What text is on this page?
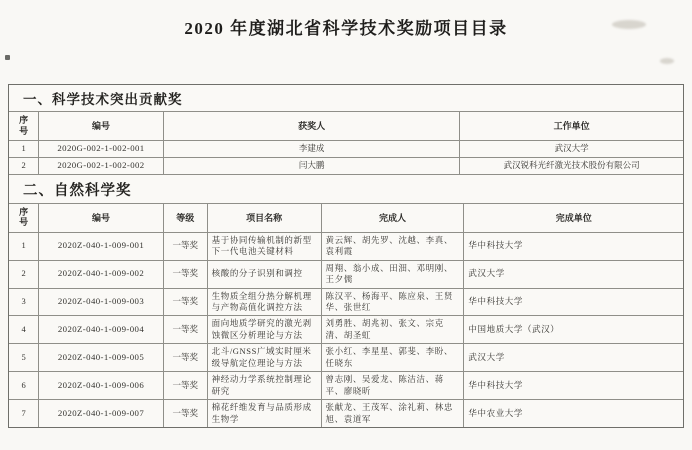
2020 年度湖北省科学技术奖励项目目录
一、科学技术突出贡献奖
序号	编号	获奖人	工作单位
1	2020G-002-1-002-001	李建成	武汉大学
2	2020G-002-1-002-002	闫大鹏	武汉锐科光纤激光技术股份有限公司
二、自然科学奖
序号	编号	等级	项目名称	完成人	完成单位
1	2020Z-040-1-009-001	一等奖	基于协同传输机制的新型下一代电池关键材料	黄云辉、胡先罗、沈越、李真、袁利霞	华中科技大学
2	2020Z-040-1-009-002	一等奖	核酸的分子识别和调控	周翔、翁小成、田沺、邓明刚、王夕儒	武汉大学
3	2020Z-040-1-009-003	一等奖	生物质全组分热分解机理与产物高值化调控方法	陈汉平、杨海平、陈应泉、王贤华、张世红	华中科技大学
4	2020Z-040-1-009-004	一等奖	面向地质学研究的激光剥蚀微区分析理论与方法	刘勇胜、胡兆初、张文、宗克清、胡圣虹	中国地质大学（武汉）
5	2020Z-040-1-009-005	一等奖	北斗/GNSS广域实时厘米级导航定位理论与方法	张小红、李星星、郭斐、李盼、任晓东	武汉大学
6	2020Z-040-1-009-006	一等奖	神经动力学系统控制理论研究	曾志刚、吴爱龙、陈洁洁、蒋平、廖晓昕	华中科技大学
7	2020Z-040-1-009-007	一等奖	棉花纤维发育与品质形成生物学	张献龙、王茂军、涂礼莉、林忠旭、袁道军	华中农业大学
